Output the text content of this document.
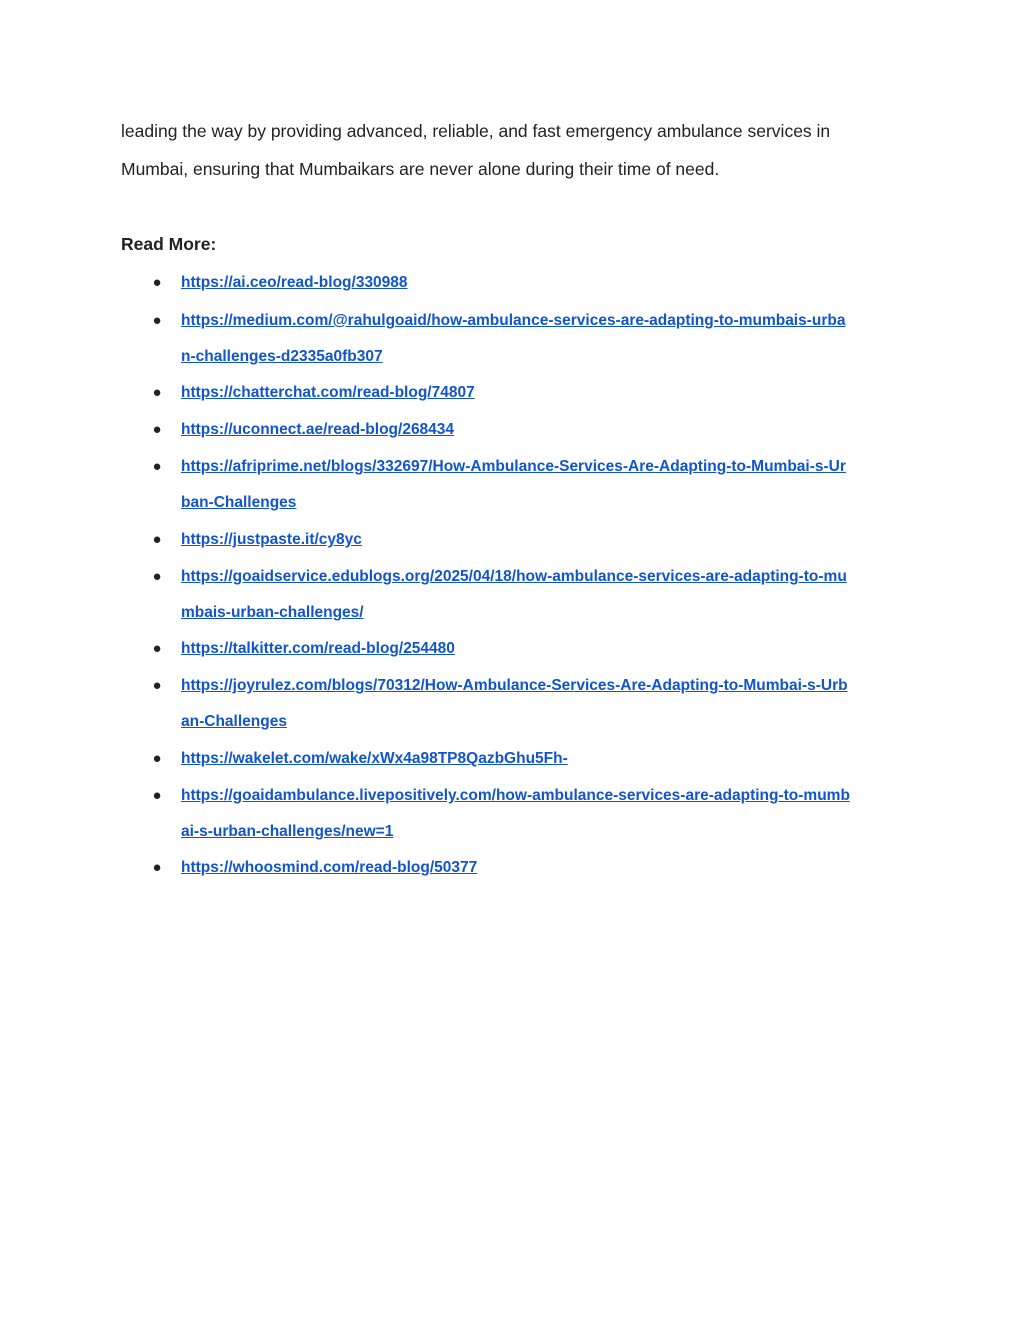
leading the way by providing advanced, reliable, and fast emergency ambulance services in
Mumbai, ensuring that Mumbaikars are never alone during their time of need.

Read More:
● https://ai.ceo/read-blog/330988
● https://medium.com/@rahulgoaid/how-ambulance-services-are-adapting-to-mumbais-urba
n-challenges-d2335a0fb307
● https://chatterchat.com/read-blog/74807
● https://uconnect.ae/read-blog/268434
● https://afriprime.net/blogs/332697/How-Ambulance-Services-Are-Adapting-to-Mumbai-s-Ur
ban-Challenges
● https://justpaste.it/cy8yc
● https://goaidservice.edublogs.org/2025/04/18/how-ambulance-services-are-adapting-to-mu
mbais-urban-challenges/
● https://talkitter.com/read-blog/254480
● https://joyrulez.com/blogs/70312/How-Ambulance-Services-Are-Adapting-to-Mumbai-s-Urb
an-Challenges
● https://wakelet.com/wake/xWx4a98TP8QazbGhu5Fh-
● https://goaidambulance.livepositively.com/how-ambulance-services-are-adapting-to-mumb
ai-s-urban-challenges/new=1
● https://whoosmind.com/read-blog/50377
